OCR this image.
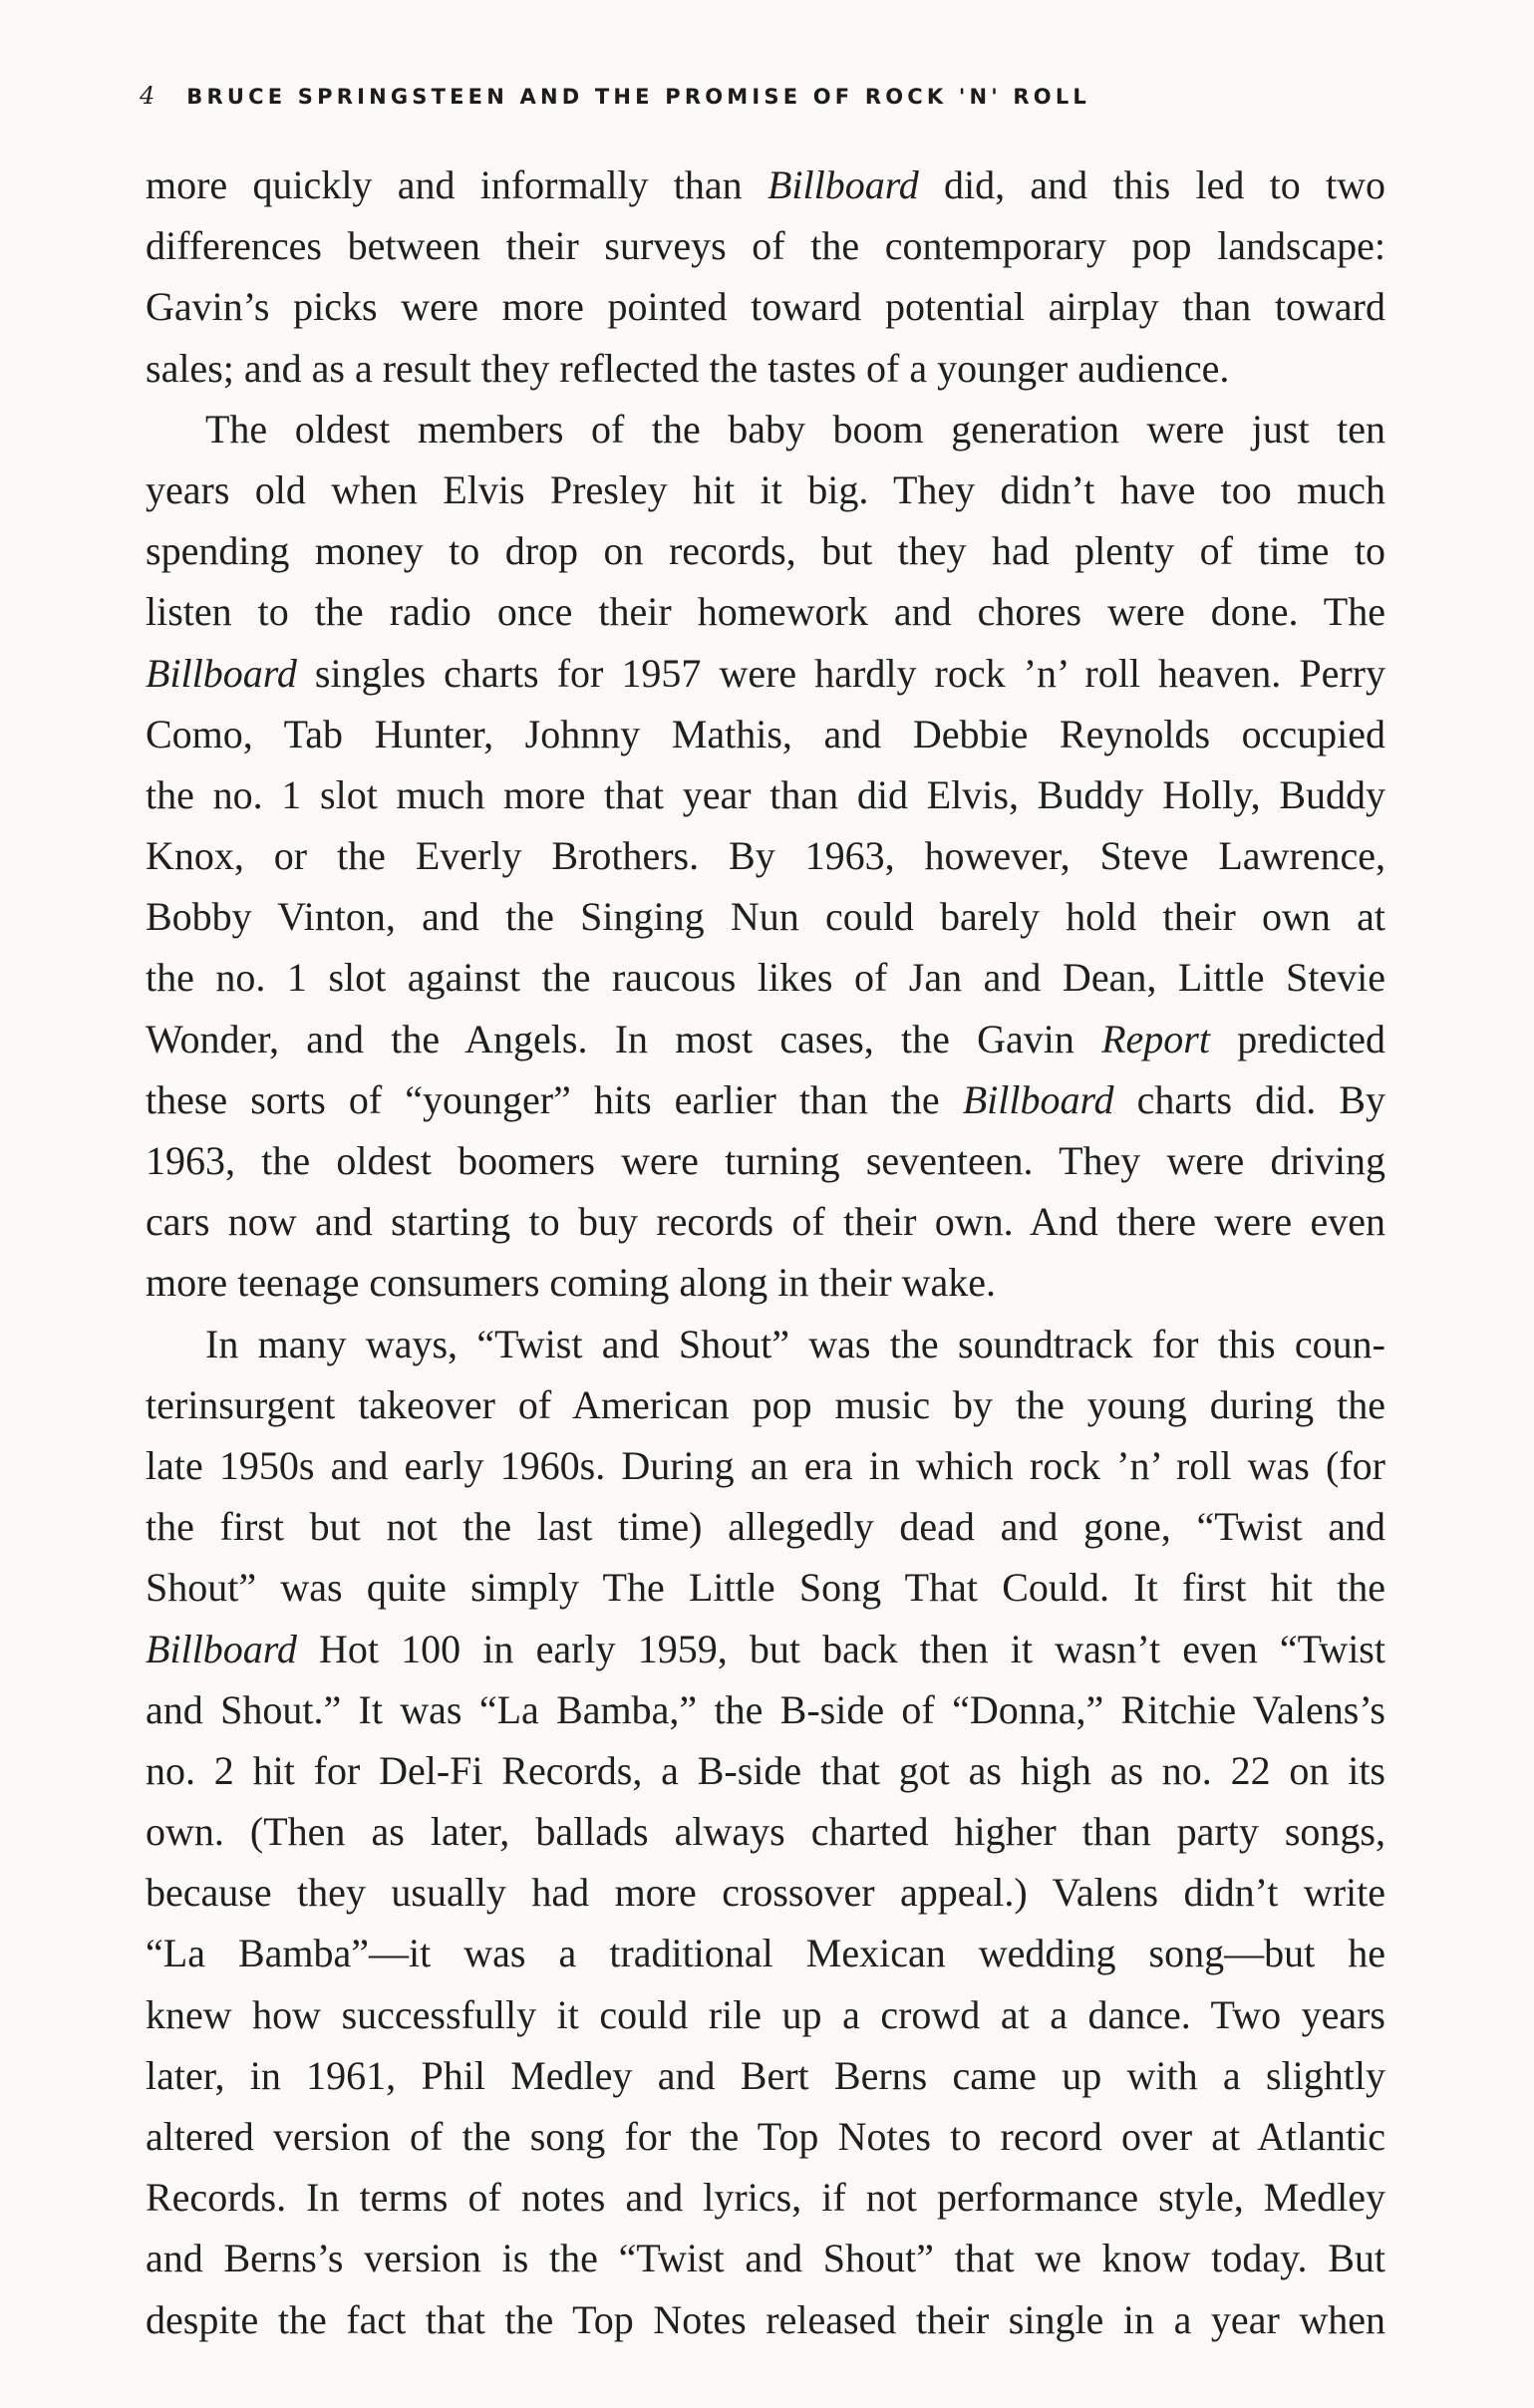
4 BRUCE SPRINGSTEEN AND THE PROMISE OF ROCK 'N' ROLL
more quickly and informally than Billboard did, and this led to two
differences between their surveys of the contemporary pop landscape:
Gavin’s picks were more pointed toward potential airplay than toward
sales; and as a result they reflected the tastes of a younger audience.
The oldest members of the baby boom generation were just ten
years old when Elvis Presley hit it big. They didn’t have too much
spending money to drop on records, but they had plenty of time to
listen to the radio once their homework and chores were done. The
Billboard singles charts for 1957 were hardly rock ’n’ roll heaven. Perry
Como, Tab Hunter, Johnny Mathis, and Debbie Reynolds occupied
the no. 1 slot much more that year than did Elvis, Buddy Holly, Buddy
Knox, or the Everly Brothers. By 1963, however, Steve Lawrence,
Bobby Vinton, and the Singing Nun could barely hold their own at
the no. 1 slot against the raucous likes of Jan and Dean, Little Stevie
Wonder, and the Angels. In most cases, the Gavin Report predicted
these sorts of “younger” hits earlier than the Billboard charts did. By
1963, the oldest boomers were turning seventeen. They were driving
cars now and starting to buy records of their own. And there were even
more teenage consumers coming along in their wake.
In many ways, “Twist and Shout” was the soundtrack for this coun-
terinsurgent takeover of American pop music by the young during the
late 1950s and early 1960s. During an era in which rock ’n’ roll was (for
the first but not the last time) allegedly dead and gone, “Twist and
Shout” was quite simply The Little Song That Could. It first hit the
Billboard Hot 100 in early 1959, but back then it wasn’t even “Twist
and Shout.” It was “La Bamba,” the B-side of “Donna,” Ritchie Valens’s
no. 2 hit for Del-Fi Records, a B-side that got as high as no. 22 on its
own. (Then as later, ballads always charted higher than party songs,
because they usually had more crossover appeal.) Valens didn’t write
“La Bamba”—it was a traditional Mexican wedding song—but he
knew how successfully it could rile up a crowd at a dance. Two years
later, in 1961, Phil Medley and Bert Berns came up with a slightly
altered version of the song for the Top Notes to record over at Atlantic
Records. In terms of notes and lyrics, if not performance style, Medley
and Berns’s version is the “Twist and Shout” that we know today. But
despite the fact that the Top Notes released their single in a year when
